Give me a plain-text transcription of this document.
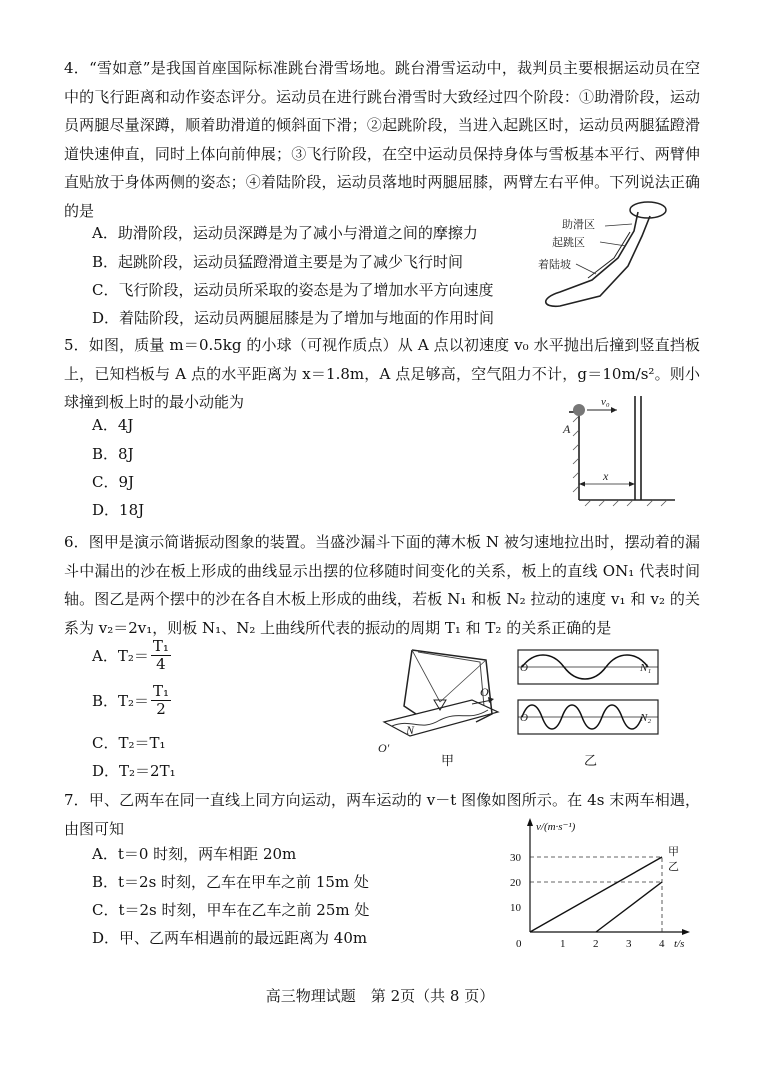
4．“雪如意”是我国首座国际标准跳台滑雪场地。跳台滑雪运动中，裁判员主要根据运动员在空中的飞行距离和动作姿态评分。运动员在进行跳台滑雪时大致经过四个阶段：①助滑阶段，运动员两腿尽量深蹲，顺着助滑道的倾斜面下滑；②起跳阶段，当进入起跳区时，运动员两腿猛蹬滑道快速伸直，同时上体向前伸展；③飞行阶段，在空中运动员保持身体与雪板基本平行、两臂伸直贴放于身体两侧的姿态；④着陆阶段，运动员落地时两腿屈膝，两臂左右平伸。下列说法正确的是
A．助滑阶段，运动员深蹲是为了减小与滑道之间的摩擦力
B．起跳阶段，运动员猛蹬滑道主要是为了减少飞行时间
C．飞行阶段，运动员所采取的姿态是为了增加水平方向速度
D．着陆阶段，运动员两腿屈膝是为了增加与地面的作用时间
助滑区
起跳区
着陆坡
5．如图，质量 m＝0.5kg 的小球（可视作质点）从 A 点以初速度 v₀ 水平抛出后撞到竖直挡板上，已知档板与 A 点的水平距离为 x＝1.8m，A 点足够高，空气阻力不计，g＝10m/s²。则小球撞到板上时的最小动能为
A．4J
B．8J
C．9J
D．18J
v₀
A
x
6．图甲是演示简谐振动图象的装置。当盛沙漏斗下面的薄木板 N 被匀速地拉出时，摆动着的漏斗中漏出的沙在板上形成的曲线显示出摆的位移随时间变化的关系，板上的直线 ON₁ 代表时间轴。图乙是两个摆中的沙在各自木板上形成的曲线，若板 N₁ 和板 N₂ 拉动的速度 v₁ 和 v₂ 的关系为 v₂＝2v₁，则板 N₁、N₂ 上曲线所代表的振动的周期 T₁ 和 T₂ 的关系正确的是
A．$T_2= \frac{\text{T₁}}{4}$
B．$T_2= \frac{\text{T₁}}{2}$
C．T₂＝T₁
D．T₂＝2T₁
O
N
O′
甲
O	N₁
O	N₂
乙
7．甲、乙两车在同一直线上同方向运动，两车运动的 v－t 图像如图所示。在 4s 末两车相遇，由图可知
A．t＝0 时刻，两车相距 20m
B．t＝2s 时刻，乙车在甲车之前 15m 处
C．t＝2s 时刻，甲车在乙车之前 25m 处
D．甲、乙两车相遇前的最远距离为 40m
v/(m·s⁻¹)
t/s
0	1	2	3	4
10
20
30	甲
乙
高三物理试题　第 2页（共 8 页）
